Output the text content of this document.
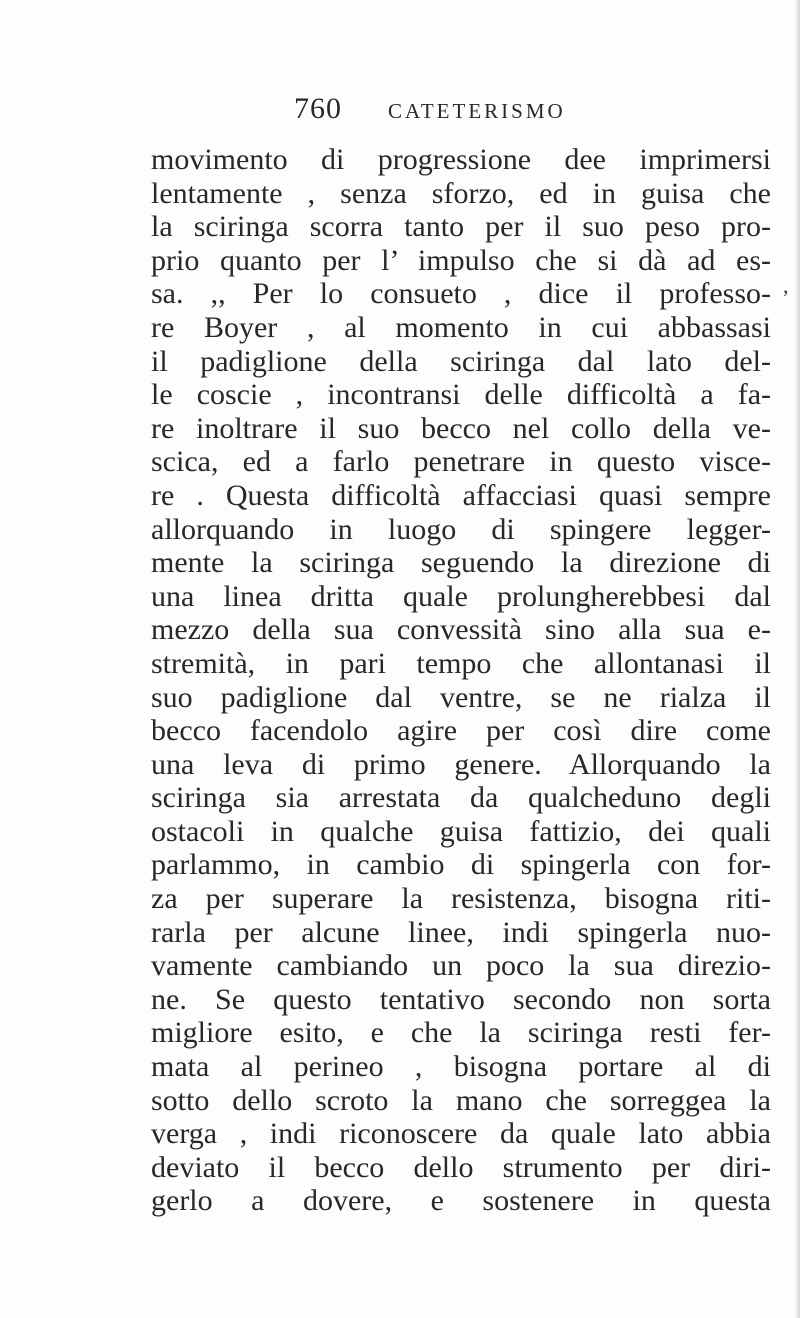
760 CATETERISMO
,
movimento di progressione dee imprimersi
lentamente , senza sforzo, ed in guisa che
la sciringa scorra tanto per il suo peso pro-
prio quanto per l’ impulso che si dà ad es-
sa. ,, Per lo consueto , dice il professo-
re Boyer , al momento in cui abbassasi
il padiglione della sciringa dal lato del-
le coscie , incontransi delle difficoltà a fa-
re inoltrare il suo becco nel collo della ve-
scica, ed a farlo penetrare in questo visce-
re . Questa difficoltà affacciasi quasi sempre
allorquando in luogo di spingere legger-
mente la sciringa seguendo la direzione di
una linea dritta quale prolungherebbesi dal
mezzo della sua convessità sino alla sua e-
stremità, in pari tempo che allontanasi il
suo padiglione dal ventre, se ne rialza il
becco facendolo agire per così dire come
una leva di primo genere. Allorquando la
sciringa sia arrestata da qualcheduno degli
ostacoli in qualche guisa fattizio, dei quali
parlammo, in cambio di spingerla con for-
za per superare la resistenza, bisogna riti-
rarla per alcune linee, indi spingerla nuo-
vamente cambiando un poco la sua direzio-
ne. Se questo tentativo secondo non sorta
migliore esito, e che la sciringa resti fer-
mata al perineo , bisogna portare al di
sotto dello scroto la mano che sorreggea la
verga , indi riconoscere da quale lato abbia
deviato il becco dello strumento per diri-
gerlo a dovere, e sostenere in questa
